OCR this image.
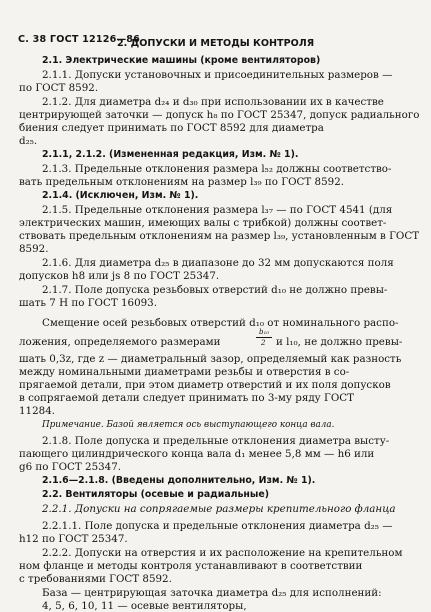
С. 38 ГОСТ 12126—86
2. ДОПУСКИ И МЕТОДЫ КОНТРОЛЯ
2.1. Электрические машины (кроме вентиляторов)
2.1.1. Допуски установочных и присоединительных размеров —
по ГОСТ 8592.
2.1.2. Для диаметра d₂₄ и d₃₀ при использовании их в качестве
центрирующей заточки — допуск h₈ по ГОСТ 25347, допуск радиального
биения следует принимать по ГОСТ 8592 для диаметра
d₂₅.
2.1.1, 2.1.2. (Измененная редакция, Изм. № 1).
2.1.3. Предельные отклонения размера l₅₂ должны соответство-
вать предельным отклонениям на размер l₃₉ по ГОСТ 8592.
2.1.4. (Исключен, Изм. № 1).
2.1.5. Предельные отклонения размера l₃₇ — по ГОСТ 4541 (для
электрических машин, имеющих валы с трибкой) должны соответ-
ствовать предельным отклонениям на размер l₃₉, установленным в ГОСТ
8592.
2.1.6. Для диаметра d₂₅ в диапазоне до 32 мм допускаются поля
допусков h8 или js 8 по ГОСТ 25347.
2.1.7. Поле допуска резьбовых отверстий d₁₀ не должно превы-
шать 7 Н по ГОСТ 16093.
Смещение осей резьбовых отверстий d₁₀ от номинального распо-
ложения, определяемого размерами
b₁₀
2 и l₁₀, не должно превы-
шать 0,3z, где z — диаметральный зазор, определяемый как разность
между номинальными диаметрами резьбы и отверстия в со-
прягаемой детали, при этом диаметр отверстий и их поля допусков
в сопрягаемой детали следует принимать по 3-му ряду ГОСТ
11284.
Примечание. Базой является ось выступающего конца вала.
2.1.8. Поле допуска и предельные отклонения диаметра высту-
пающего цилиндрического конца вала d₁ менее 5,8 мм — h6 или
g6 по ГОСТ 25347.
2.1.6—2.1.8. (Введены дополнительно, Изм. № 1).
2.2. Вентиляторы (осевые и радиальные)
2.2.1. Допуски на сопрягаемые размеры крепительного фланца
2.2.1.1. Поле допуска и предельные отклонения диаметра d₂₅ —
h12 по ГОСТ 25347.
2.2.2. Допуски на отверстия и их расположение на крепительном
ном фланце и методы контроля устанавливают в соответствии
с требованиями ГОСТ 8592.
База — центрирующая заточка диаметра d₂₅ для исполнений:
4, 5, 6, 10, 11 — осевые вентиляторы,
